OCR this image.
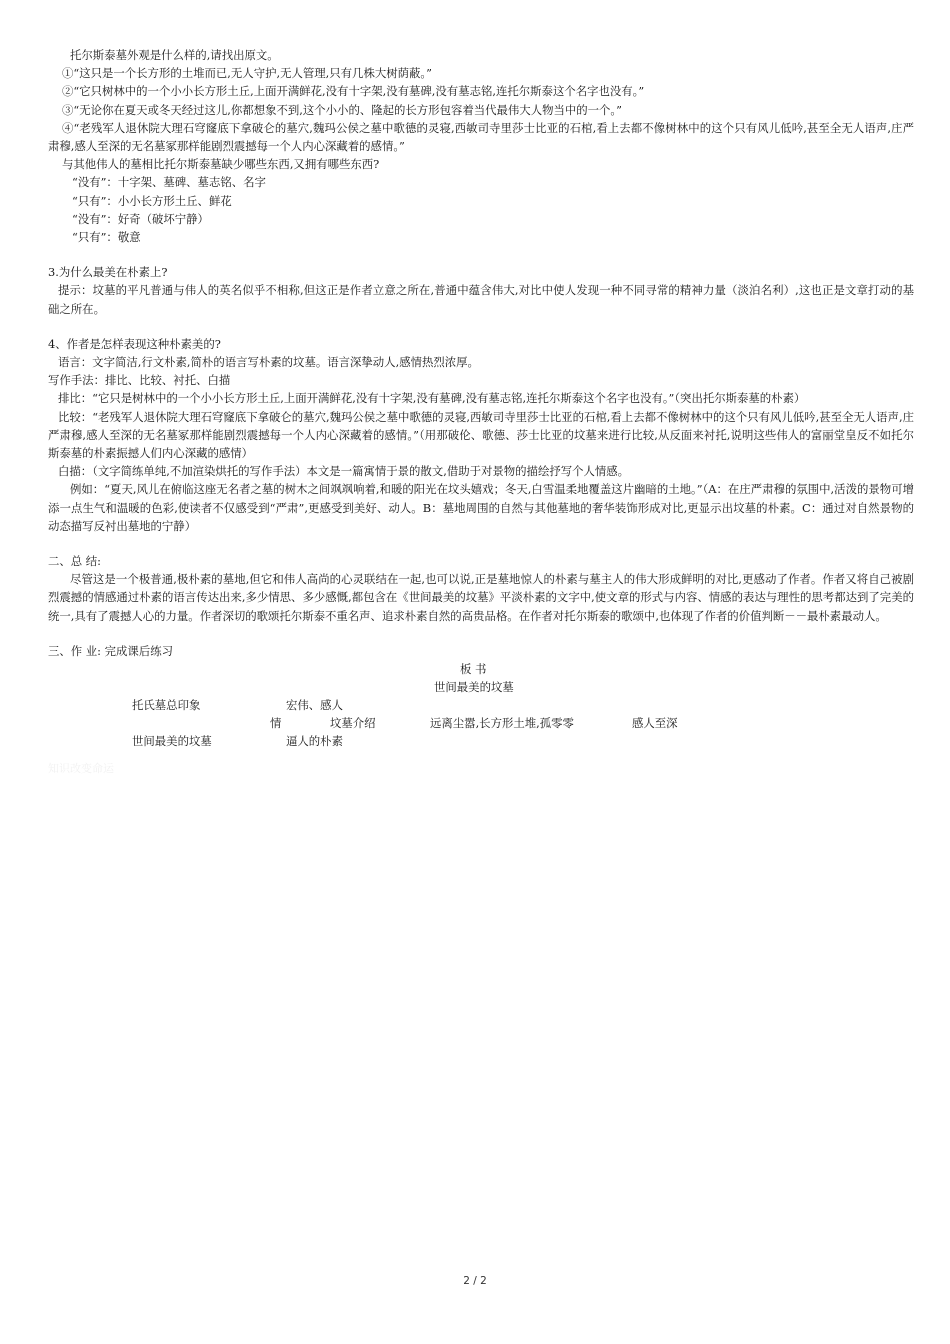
托尔斯泰墓外观是什么样的,请找出原文。
①“这只是一个长方形的土堆而已,无人守护,无人管理,只有几株大树荫蔽。”
②“它只树林中的一个小小长方形土丘,上面开满鲜花,没有十字架,没有墓碑,没有墓志铭,连托尔斯泰这个名字也没有。”
③“无论你在夏天或冬天经过这儿,你都想象不到,这个小小的、隆起的长方形包容着当代最伟大人物当中的一个。”
④“老残军人退休院大理石穹窿底下拿破仑的墓穴,魏玛公侯之墓中歌德的灵寝,西敏司寺里莎士比亚的石棺,看上去都不像树林中的这个只有风儿低吟,甚至全无人语声,庄严肃穆,感人至深的无名墓冢那样能剧烈震撼每一个人内心深藏着的感情。”
与其他伟人的墓相比托尔斯泰墓缺少哪些东西,又拥有哪些东西?
“没有”：十字架、墓碑、墓志铭、名字
“只有”：小小长方形土丘、鲜花
“没有”：好奇（破坏宁静）
“只有”：敬意
3.为什么最美在朴素上?
提示：坟墓的平凡普通与伟人的英名似乎不相称,但这正是作者立意之所在,普通中蕴含伟大,对比中使人发现一种不同寻常的精神力量（淡泊名利）,这也正是文章打动的基础之所在。
4、作者是怎样表现这种朴素美的?
语言：文字简洁,行文朴素,简朴的语言写朴素的坟墓。语言深挚动人,感情热烈浓厚。
写作手法：排比、比较、衬托、白描
排比：“它只是树林中的一个小小长方形土丘,上面开满鲜花,没有十字架,没有墓碑,没有墓志铭,连托尔斯泰这个名字也没有。”（突出托尔斯泰墓的朴素）
比较：“老残军人退休院大理石穹窿底下拿破仑的墓穴,魏玛公侯之墓中歌德的灵寝,西敏司寺里莎士比亚的石棺,看上去都不像树林中的这个只有风儿低吟,甚至全无人语声,庄严肃穆,感人至深的无名墓冢那样能剧烈震撼每一个人内心深藏着的感情。”（用那破伦、歌德、莎士比亚的坟墓来进行比较,从反面来衬托,说明这些伟人的富丽堂皇反不如托尔斯泰墓的朴素振撼人们内心深藏的感情）
白描：（文字简练单纯,不加渲染烘托的写作手法）本文是一篇寓情于景的散文,借助于对景物的描绘抒写个人情感。
例如：“夏天,风儿在俯临这座无名者之墓的树木之间飒飒响着,和暖的阳光在坟头嬉戏；冬天,白雪温柔地覆盖这片幽暗的土地。”（A：在庄严肃穆的氛围中,活泼的景物可增添一点生气和温暖的色彩,使读者不仅感受到“严肃”,更感受到美好、动人。B：墓地周围的自然与其他墓地的奢华装饰形成对比,更显示出坟墓的朴素。C：通过对自然景物的动态描写反衬出墓地的宁静）
二、总 结:
尽管这是一个极普通,极朴素的墓地,但它和伟人高尚的心灵联结在一起,也可以说,正是墓地惊人的朴素与墓主人的伟大形成鲜明的对比,更感动了作者。作者又将自己被剧烈震撼的情感通过朴素的语言传达出来,多少情思、多少感慨,都包含在《世间最美的坟墓》平淡朴素的文字中,使文章的形式与内容、情感的表达与理性的思考都达到了完美的统一,具有了震撼人心的力量。作者深切的歌颂托尔斯泰不重名声、追求朴素自然的高贵品格。在作者对托尔斯泰的歌颂中,也体现了作者的价值判断－－最朴素最动人。
三、作 业: 完成课后练习
板 书
世间最美的坟墓
托氏墓总印象	宏伟、感人
情	坟墓介绍	远离尘嚣,长方形土堆,孤零零	感人至深
世间最美的坟墓	逼人的朴素
知识改变命运
2 / 2
